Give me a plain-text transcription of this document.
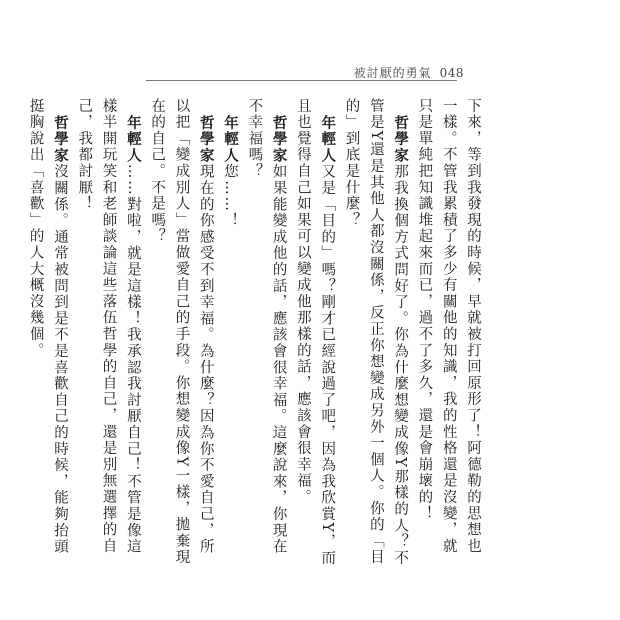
被討厭的勇氣 048
下來，等到我發現的時候，早就被打回原形了！阿德勒的思想也一樣。不管我累積了多少有關他的知識，我的性格還是沒變，就只是單純把知識堆起來而已，過不了多久，還是會崩壞的！
哲學家那我換個方式問好了。你為什麼想變成像Y那樣的人？不管是Y還是其他人都沒關係，反正你想變成另外一個人。你的「目的」到底是什麼？
年輕人又是「目的」嗎？剛才已經說過了吧，因為我欣賞Y，而且也覺得自己如果可以變成他那樣的話，應該會很幸福。
哲學家如果能變成他的話，應該會很幸福。這麼說來，你現在不幸福嗎？
年輕人您……！
哲學家現在的你感受不到幸福。為什麼？因為你不愛自己，所以把「變成別人」當做愛自己的手段。你想變成像Y一樣，拋棄現在的自己。不是嗎？
年輕人……對啦，就是這樣！我承認我討厭自己！不管是像這樣半開玩笑和老師談論這些落伍哲學的自己，還是別無選擇的自己，我都討厭！
哲學家沒關係。通常被問到是不是喜歡自己的時候，能夠抬頭挺胸說出「喜歡」的人大概沒幾個。
